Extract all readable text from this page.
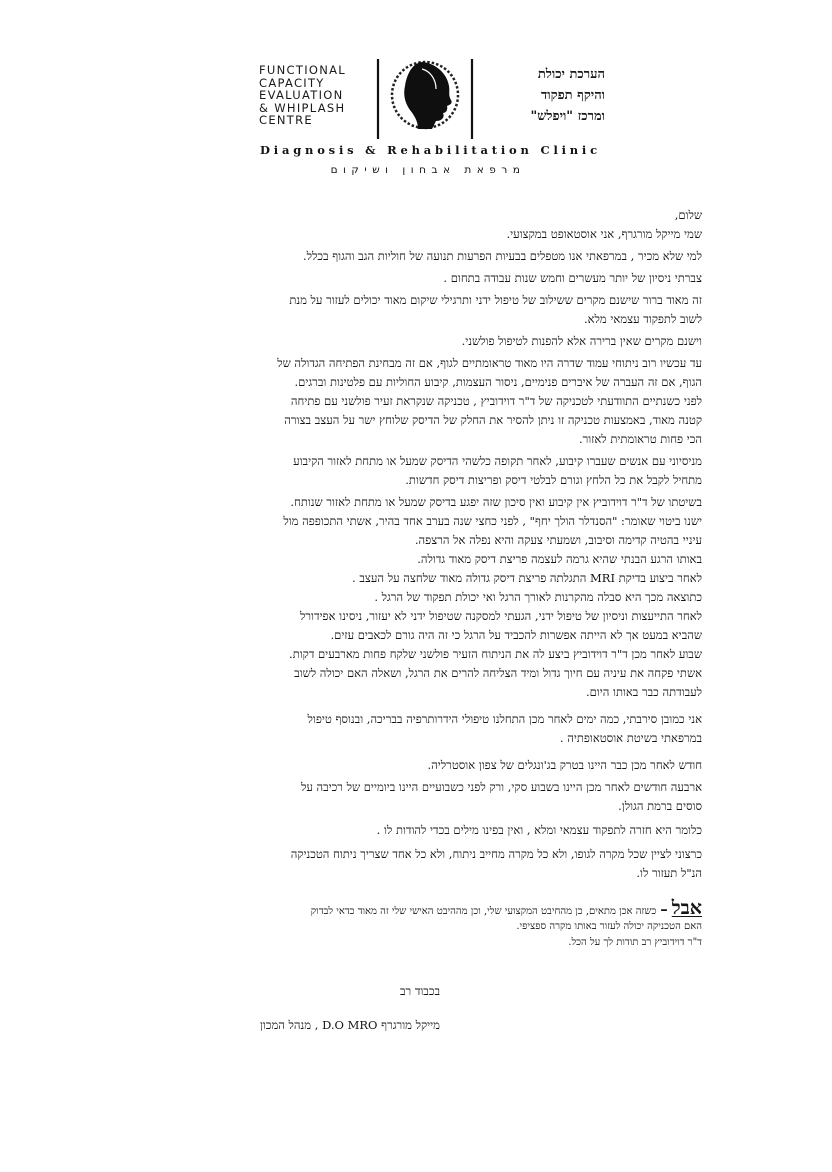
FUNCTIONAL
CAPACITY
EVALUATION
& WHIPLASH
CENTRE
הערכת יכולת
והיקף תפקוד
ומרכז "ויפלש"
Diagnosis & Rehabilitation Clinic
מרפאת אבחון ושיקום
שלום,
שמי מייקל מורגרף, אני אוסטאופט במקצועי.
למי שלא מכיר , במרפאתי אנו מטפלים בבעיות הפרעות תנועה של חוליות הגב והגוף בכלל.
צברתי ניסיון של יותר מעשרים וחמש שנות עבודה בתחום .
זה מאוד ברור שישנם מקרים ששילוב של טיפול ידני ותרגילי שיקום מאוד יכולים לעזור על מנת
לשוב לתפקוד עצמאי מלא.
וישנם מקרים שאין ברירה אלא להפנות לטיפול פולשני.
עד עכשיו רוב ניתוחי עמוד שדרה היו מאוד טראומתיים לגוף, אם זה מבחינת הפתיחה הגדולה של
הגוף, אם זה העברה של איברים פנימיים, ניסור העצמות, קיבוע החוליות עם פלטינות וברגים.
לפני כשנתיים התוודעתי לטכניקה של ד"ר דוידוביץ , טכניקה שנקראת זעיר פולשני עם פתיחה
קטנה מאוד, באמצעות טכניקה זו ניתן להסיר את החלק של הדיסק שלוחץ ישר על העצב בצורה
הכי פחות טראומתית לאזור.
מניסיוני עם אנשים שעברו קיבוע, לאחר תקופה כלשהי הדיסק שמעל או מתחת לאזור הקיבוע
מתחיל לקבל את כל הלחץ וגורם לבלטי דיסק ופריצות דיסק חדשות.
בשיטתו של ד"ר דוידוביץ אין קיבוע ואין סיכון שזה יפגע בדיסק שמעל או מתחת לאזור שנותח.
ישנו ביטוי שאומר: "הסנדלר הולך יחף" , לפני כחצי שנה בערב אחד בהיר, אשתי התכופפה מול
עיניי בהטיה קדימה וסיבוב, ושמעתי צעקה והיא נפלה אל הרצפה.
באותו הרגע הבנתי שהיא גרמה לעצמה פריצת דיסק מאוד גדולה.
לאחר ביצוע בדיקת MRI התגלתה פריצת דיסק גדולה מאוד שלחצה על העצב .
כתוצאה מכך היא סבלה מהקרנות לאורך הרגל ואי יכולת תפקוד של הרגל .
לאחר התייעצות וניסיון של טיפול ידני, הגעתי למסקנה שטיפול ידני לא יעזור, ניסינו אפידורל
שהביא במעט אך לא הייתה אפשרות להכביד על הרגל כי זה היה גורם לכאבים עזים.
שבוע לאחר מכן ד"ר דוידוביץ ביצע לה את הניתוח הזעיר פולשני שלקח פחות מארבעים דקות.
אשתי פקחה את עיניה עם חיוך גדול ומיד הצליחה להרים את הרגל, ושאלה האם יכולה לשוב
לעבודתה כבר באותו היום.
אני כמובן סירבתי, כמה ימים לאחר מכן התחלנו טיפולי הידרותרפיה בבריכה, ובנוסף טיפול
במרפאתי בשיטת אוסטאופתיה .
חודש לאחר מכן כבר היינו בטרק בג'ונגלים של צפון אוסטרליה.
ארבעה חודשים לאחר מכן היינו בשבוע סקי, ורק לפני כשבועיים היינו ביומיים של רכיבה על
סוסים ברמת הגולן.
כלומר היא חזרה לתפקוד עצמאי ומלא , ואין בפינו מילים בכדי להודות לו .
כרצוני לציין שכל מקרה לגופו, ולא כל מקרה מחייב ניתוח, ולא כל אחד שצריך ניתוח הטכניקה
הנ"ל תעזור לו.
אבל–כשזה אכן מתאים, כן מהחיבט המקצועי שלי, וכן מההיבט האישי שלי זה מאוד כדאי לבדוק
האם הטכניקה יכולה לעזור באותו מקרה ספציפי.
ד"ר דוידוביץ רב תודות לך על הכל.
בכבוד רב
מייקל מורגרף D.O MRO , מנהל המכון
